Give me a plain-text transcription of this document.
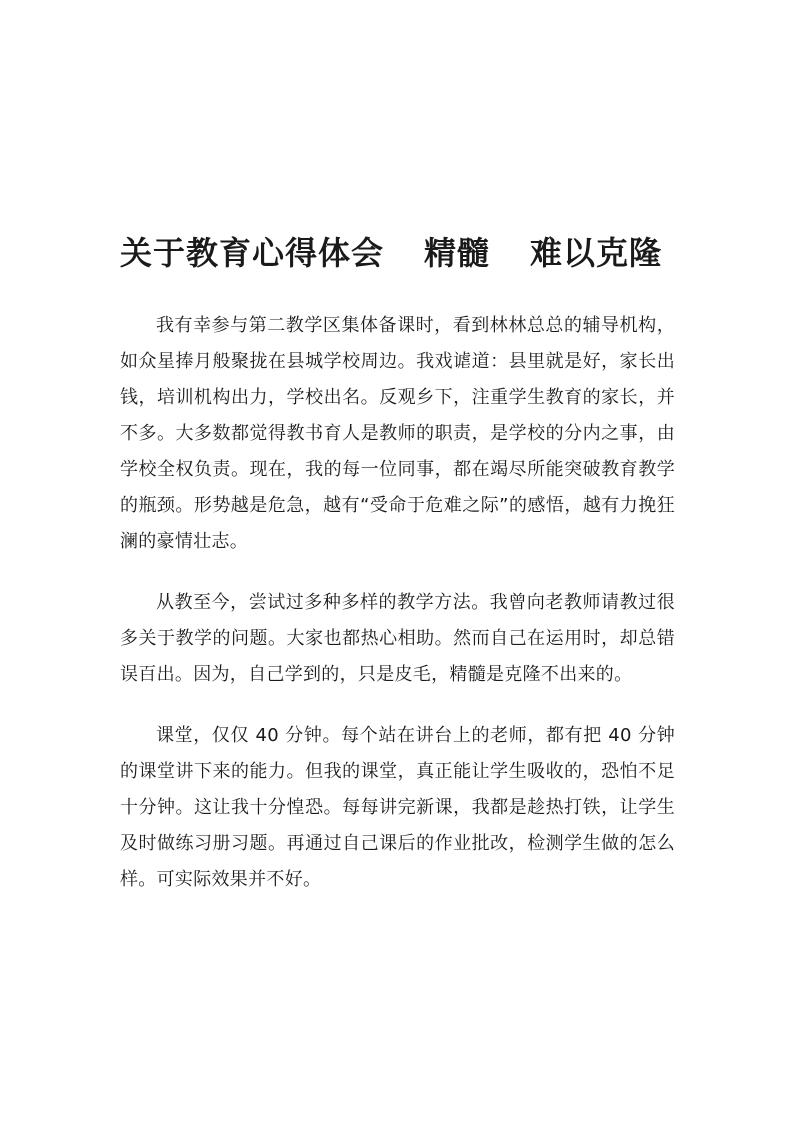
关于教育心得体会 精髓 难以克隆

我有幸参与第二教学区集体备课时，看到林林总总的辅导机构，如众星捧月般聚拢在县城学校周边。我戏谑道：县里就是好，家长出钱，培训机构出力，学校出名。反观乡下，注重学生教育的家长，并不多。大多数都觉得教书育人是教师的职责，是学校的分内之事，由学校全权负责。现在，我的每一位同事，都在竭尽所能突破教育教学的瓶颈。形势越是危急，越有“受命于危难之际”的感悟，越有力挽狂澜的豪情壮志。

从教至今，尝试过多种多样的教学方法。我曾向老教师请教过很多关于教学的问题。大家也都热心相助。然而自己在运用时，却总错误百出。因为，自己学到的，只是皮毛，精髓是克隆不出来的。

课堂，仅仅 40 分钟。每个站在讲台上的老师，都有把 40 分钟的课堂讲下来的能力。但我的课堂，真正能让学生吸收的，恐怕不足十分钟。这让我十分惶恐。每每讲完新课，我都是趁热打铁，让学生及时做练习册习题。再通过自己课后的作业批改，检测学生做的怎么样。可实际效果并不好。
